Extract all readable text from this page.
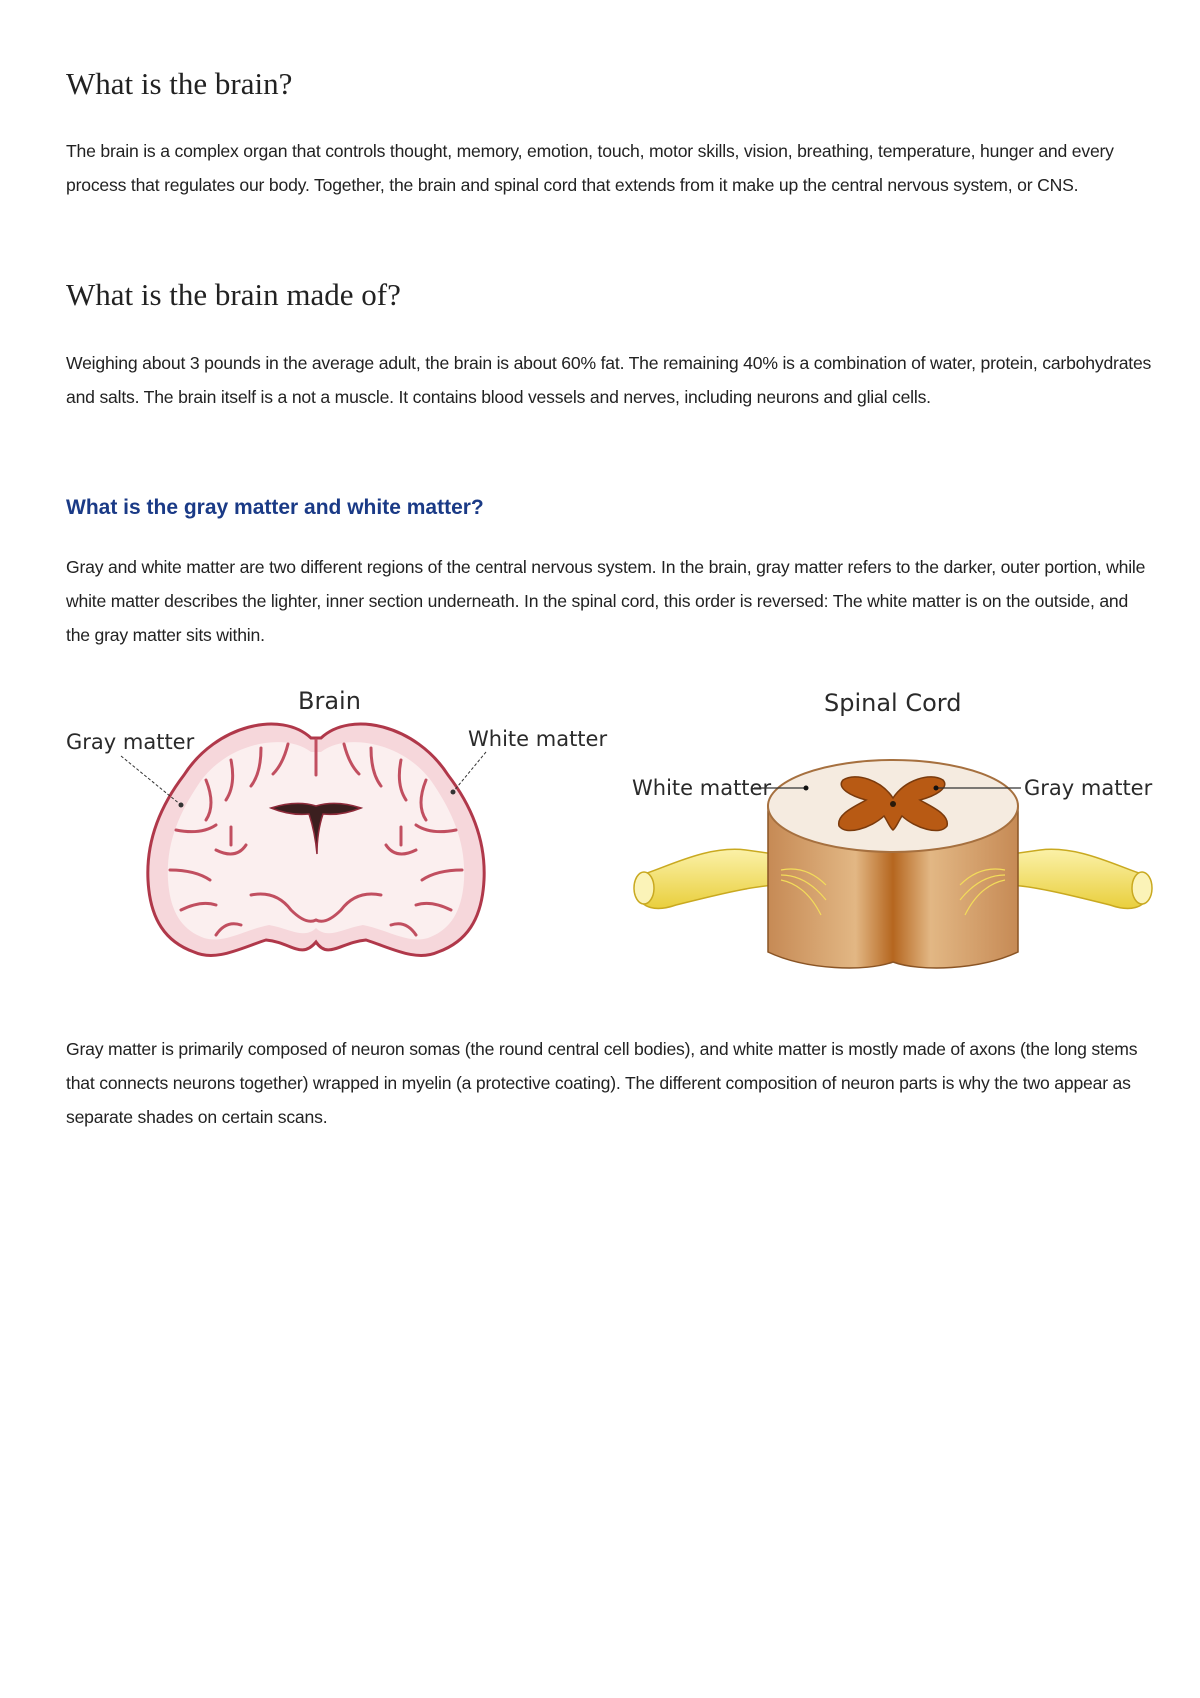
What is the brain?

The brain is a complex organ that controls thought, memory, emotion, touch, motor skills, vision, breathing, temperature, hunger and every process that regulates our body. Together, the brain and spinal cord that extends from it make up the central nervous system, or CNS.

What is the brain made of?

Weighing about 3 pounds in the average adult, the brain is about 60% fat. The remaining 40% is a combination of water, protein, carbohydrates and salts. The brain itself is a not a muscle. It contains blood vessels and nerves, including neurons and glial cells.

What is the gray matter and white matter?

Gray and white matter are two different regions of the central nervous system. In the brain, gray matter refers to the darker, outer portion, while white matter describes the lighter, inner section underneath. In the spinal cord, this order is reversed: The white matter is on the outside, and the gray matter sits within.

Brain
Gray matter	White matter
Spinal Cord
White matter	Gray matter

Gray matter is primarily composed of neuron somas (the round central cell bodies), and white matter is mostly made of axons (the long stems that connects neurons together) wrapped in myelin (a protective coating). The different composition of neuron parts is why the two appear as separate shades on certain scans.
